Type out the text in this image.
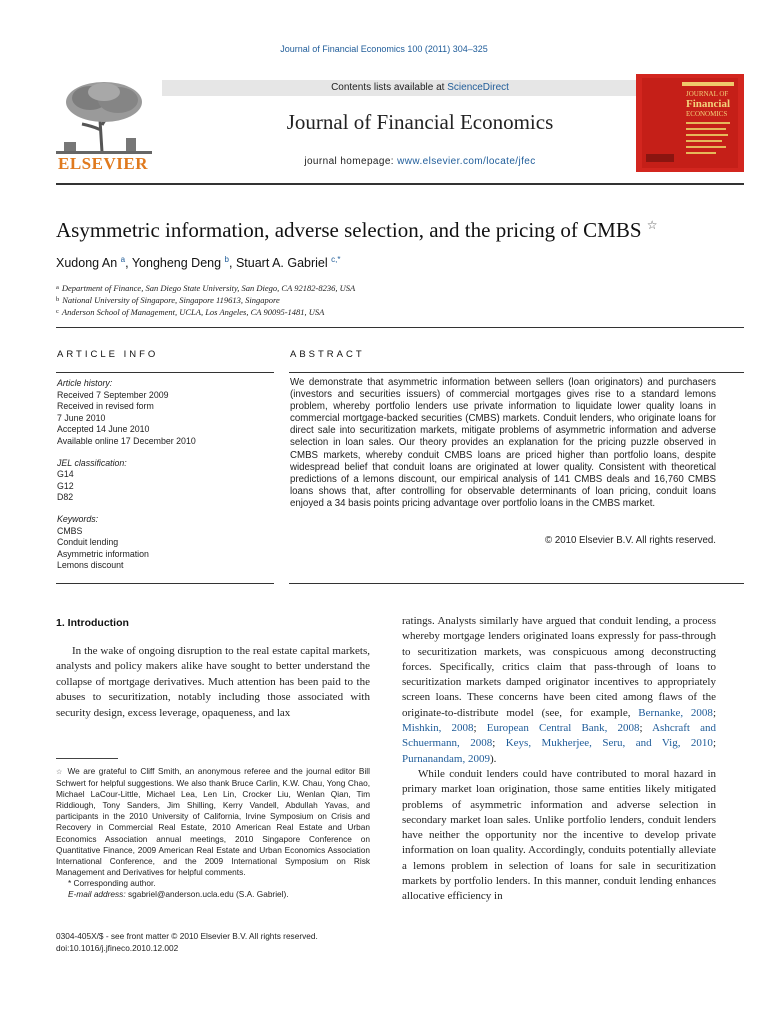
Journal of Financial Economics 100 (2011) 304–325
ELSEVIER
Contents lists available at ScienceDirect
Journal of Financial Economics
journal homepage: www.elsevier.com/locate/jfec
JOURNAL OF
Financial
ECONOMICS
Asymmetric information, adverse selection, and the pricing of CMBS ☆
Xudong An $^a$, Yongheng Deng $^b$, Stuart A. Gabriel $^{c,*}$
$^a$ Department of Finance, San Diego State University, San Diego, CA 92182-8236, USA
$^b$ National University of Singapore, Singapore 119613, Singapore
$^c$ Anderson School of Management, UCLA, Los Angeles, CA 90095-1481, USA
ARTICLE INFO	ABSTRACT
Article history:
Received 7 September 2009
Received in revised form
7 June 2010
Accepted 14 June 2010
Available online 17 December 2010
JEL classification:
G14
G12
D82
Keywords:
CMBS
Conduit lending
Asymmetric information
Lemons discount
We demonstrate that asymmetric information between sellers (loan originators) and purchasers (investors and securities issuers) of commercial mortgages gives rise to a standard lemons problem, whereby portfolio lenders use private information to liquidate lower quality loans in commercial mortgage-backed securities (CMBS) markets. Conduit lenders, who originate loans for direct sale into securitization markets, mitigate problems of asymmetric information and adverse selection in loan sales. Our theory provides an explanation for the pricing puzzle observed in CMBS markets, whereby conduit CMBS loans are priced higher than portfolio loans, despite widespread belief that conduit loans are originated at lower quality. Consistent with theoretical predictions of a lemons discount, our empirical analysis of 141 CMBS deals and 16,760 CMBS loans shows that, after controlling for observable determinants of loan pricing, conduit loans enjoyed a 34 basis points pricing advantage over portfolio loans in the CMBS market.
© 2010 Elsevier B.V. All rights reserved.
1. Introduction
In the wake of ongoing disruption to the real estate capital markets, analysts and policy makers alike have sought to better understand the collapse of mortgage derivatives. Much attention has been paid to the abuses to securitization, notably including those associated with security design, excess leverage, opaqueness, and lax
☆ We are grateful to Cliff Smith, an anonymous referee and the journal editor Bill Schwert for helpful suggestions. We also thank Bruce Carlin, K.W. Chau, Yong Chao, Michael LaCour-Little, Michael Lea, Len Lin, Crocker Liu, Wenlan Qian, Tim Riddiough, Tony Sanders, Jim Shilling, Kerry Vandell, Abdullah Yavas, and participants in the 2010 University of California, Irvine Symposium on Crisis and Recovery in Commercial Real Estate, 2010 American Real Estate and Urban Economics Association annual meetings, 2010 Singapore Conference on Quantitative Finance, 2009 American Real Estate and Urban Economics Association International Conference, and the 2009 International Symposium on Risk Management and Derivatives for helpful comments.
* Corresponding author.
E-mail address: sgabriel@anderson.ucla.edu (S.A. Gabriel).
0304-405X/$ - see front matter © 2010 Elsevier B.V. All rights reserved.
doi:10.1016/j.jfineco.2010.12.002
ratings. Analysts similarly have argued that conduit lending, a process whereby mortgage lenders originated loans expressly for pass-through to securitization markets, was conspicuous among deconstructing forces. Specifically, critics claim that pass-through of loans to securitization markets damped originator incentives to appropriately screen loans. These concerns have been cited among flaws of the originate-to-distribute model (see, for example, Bernanke, 2008; Mishkin, 2008; European Central Bank, 2008; Ashcraft and Schuermann, 2008; Keys, Mukherjee, Seru, and Vig, 2010; Purnanandam, 2009).
While conduit lenders could have contributed to moral hazard in primary market loan origination, those same entities likely mitigated problems of asymmetric information and adverse selection in secondary market loan sales. Unlike portfolio lenders, conduit lenders have neither the opportunity nor the incentive to develop private information on loan quality. Accordingly, conduits potentially alleviate a lemons problem in selection of loans for sale in securitization markets by portfolio lenders. In this manner, conduit lending enhances allocative efficiency in
